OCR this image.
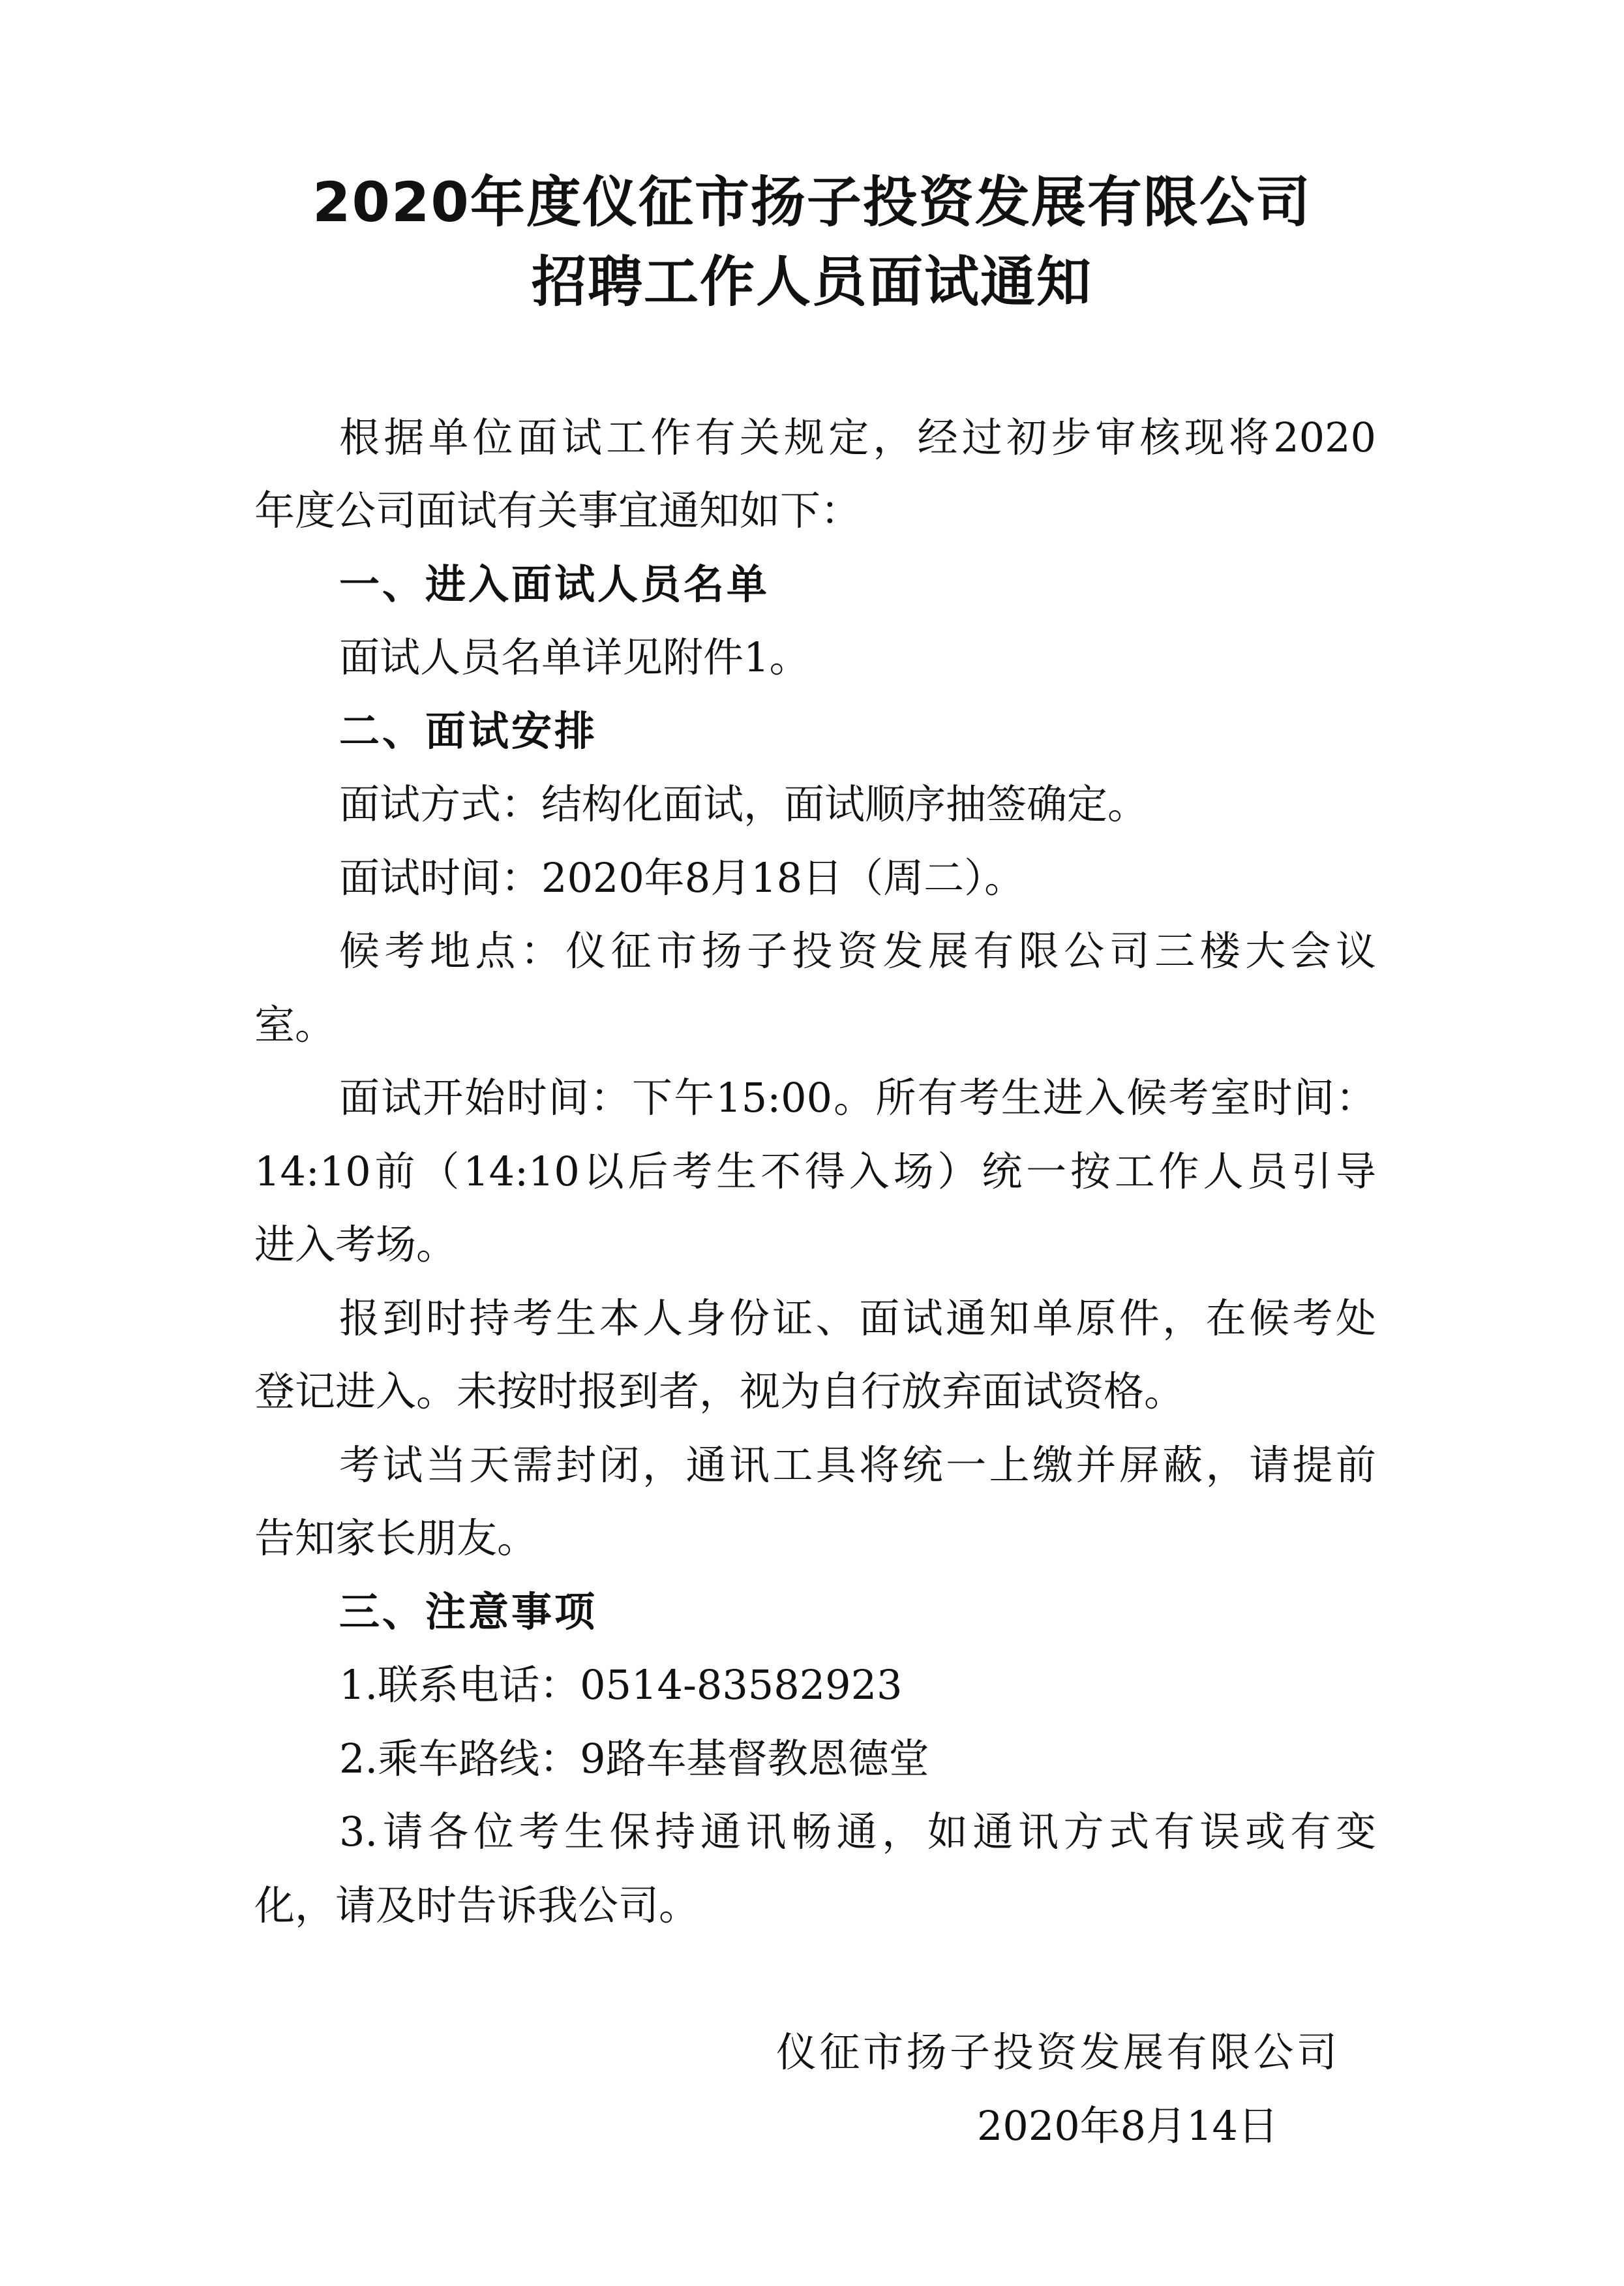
2020年度仪征市扬子投资发展有限公司
招聘工作人员面试通知
根据单位面试工作有关规定，经过初步审核现将2020
年度公司面试有关事宜通知如下：
一、进入面试人员名单
面试人员名单详见附件1。
二、面试安排
面试方式：结构化面试，面试顺序抽签确定。
面试时间：2020年8月18日（周二）。
候考地点：仪征市扬子投资发展有限公司三楼大会议
室。
面试开始时间：下午15:00。所有考生进入候考室时间：
14:10前（14:10以后考生不得入场）统一按工作人员引导
进入考场。
报到时持考生本人身份证、面试通知单原件，在候考处
登记进入。未按时报到者，视为自行放弃面试资格。
考试当天需封闭，通讯工具将统一上缴并屏蔽，请提前
告知家长朋友。
三、注意事项
1.联系电话：0514-83582923
2.乘车路线：9路车基督教恩德堂
3.请各位考生保持通讯畅通，如通讯方式有误或有变
化，请及时告诉我公司。
仪征市扬子投资发展有限公司
2020年8月14日
